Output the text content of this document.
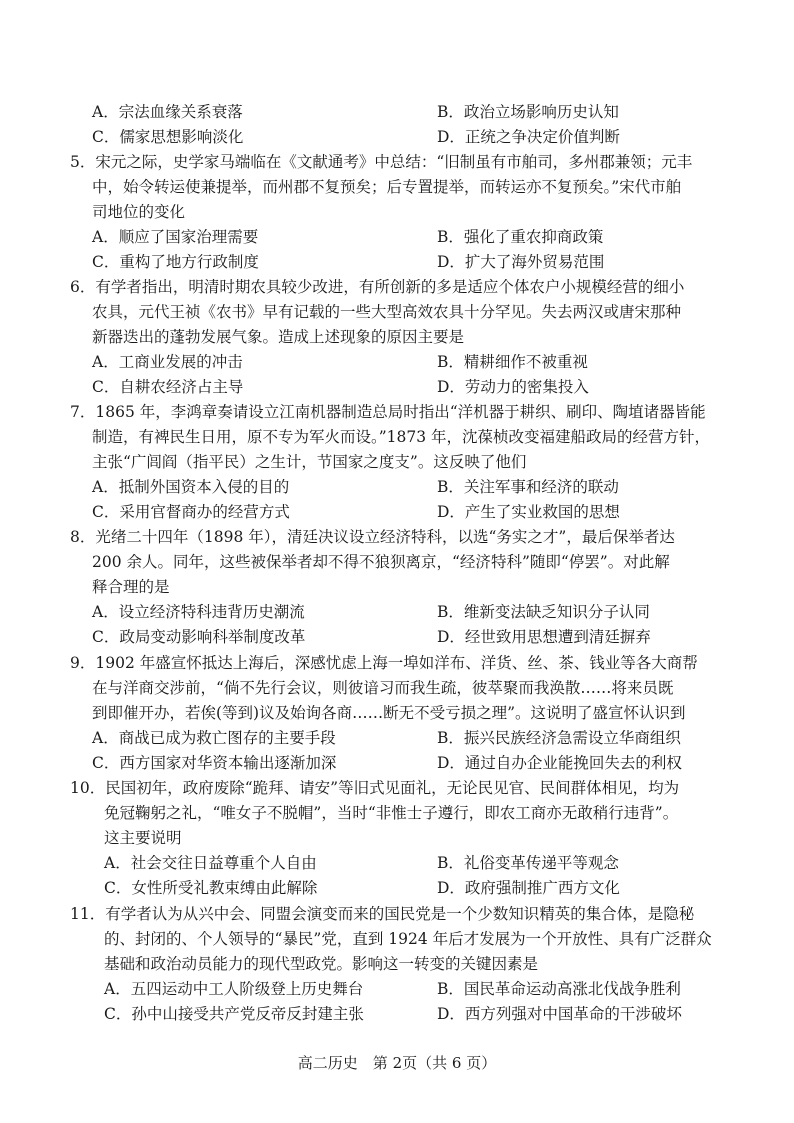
A．宗法血缘关系衰落	B．政治立场影响历史认知
C．儒家思想影响淡化	D．正统之争决定价值判断
5．宋元之际，史学家马端临在《文献通考》中总结：“旧制虽有市舶司，多州郡兼领；元丰
中，始令转运使兼提举，而州郡不复预矣；后专置提举，而转运亦不复预矣。”宋代市舶
司地位的变化
A．顺应了国家治理需要	B．强化了重农抑商政策
C．重构了地方行政制度	D．扩大了海外贸易范围
6．有学者指出，明清时期农具较少改进，有所创新的多是适应个体农户小规模经营的细小
农具，元代王祯《农书》早有记载的一些大型高效农具十分罕见。失去两汉或唐宋那种
新器迭出的蓬勃发展气象。造成上述现象的原因主要是
A．工商业发展的冲击	B．精耕细作不被重视
C．自耕农经济占主导	D．劳动力的密集投入
7．1865 年，李鸿章奏请设立江南机器制造总局时指出“洋机器于耕织、刷印、陶埴诸器皆能
制造，有裨民生日用，原不专为军火而设。”1873 年，沈葆桢改变福建船政局的经营方针，
主张“广闾阎（指平民）之生计，节国家之度支”。这反映了他们
A．抵制外国资本入侵的目的	B．关注军事和经济的联动
C．采用官督商办的经营方式	D．产生了实业救国的思想
8．光绪二十四年（1898 年），清廷决议设立经济特科，以选“务实之才”，最后保举者达
200 余人。同年，这些被保举者却不得不狼狈离京，“经济特科”随即“停罢”。对此解
释合理的是
A．设立经济特科违背历史潮流	B．维新变法缺乏知识分子认同
C．政局变动影响科举制度改革	D．经世致用思想遭到清廷摒弃
9．1902 年盛宣怀抵达上海后，深感忧虑上海一埠如洋布、洋货、丝、茶、钱业等各大商帮
在与洋商交涉前，“倘不先行会议，则彼谙习而我生疏，彼萃聚而我涣散……将来员既
到即催开办，若俟(等到)议及始询各商……断无不受亏损之理”。这说明了盛宣怀认识到
A．商战已成为救亡图存的主要手段	B．振兴民族经济急需设立华商组织
C．西方国家对华资本输出逐渐加深	D．通过自办企业能挽回失去的利权
10．民国初年，政府废除“跪拜、请安”等旧式见面礼，无论民见官、民间群体相见，均为
免冠鞠躬之礼，“唯女子不脱帽”，当时“非惟士子遵行，即农工商亦无敢稍行违背”。
这主要说明
A．社会交往日益尊重个人自由	B．礼俗变革传递平等观念
C．女性所受礼教束缚由此解除	D．政府强制推广西方文化
11．有学者认为从兴中会、同盟会演变而来的国民党是一个少数知识精英的集合体，是隐秘
的、封闭的、个人领导的“暴民”党，直到 1924 年后才发展为一个开放性、具有广泛群众
基础和政治动员能力的现代型政党。影响这一转变的关键因素是
A．五四运动中工人阶级登上历史舞台	B．国民革命运动高涨北伐战争胜利
C．孙中山接受共产党反帝反封建主张	D．西方列强对中国革命的干涉破坏
高二历史　第 2页（共 6 页）
